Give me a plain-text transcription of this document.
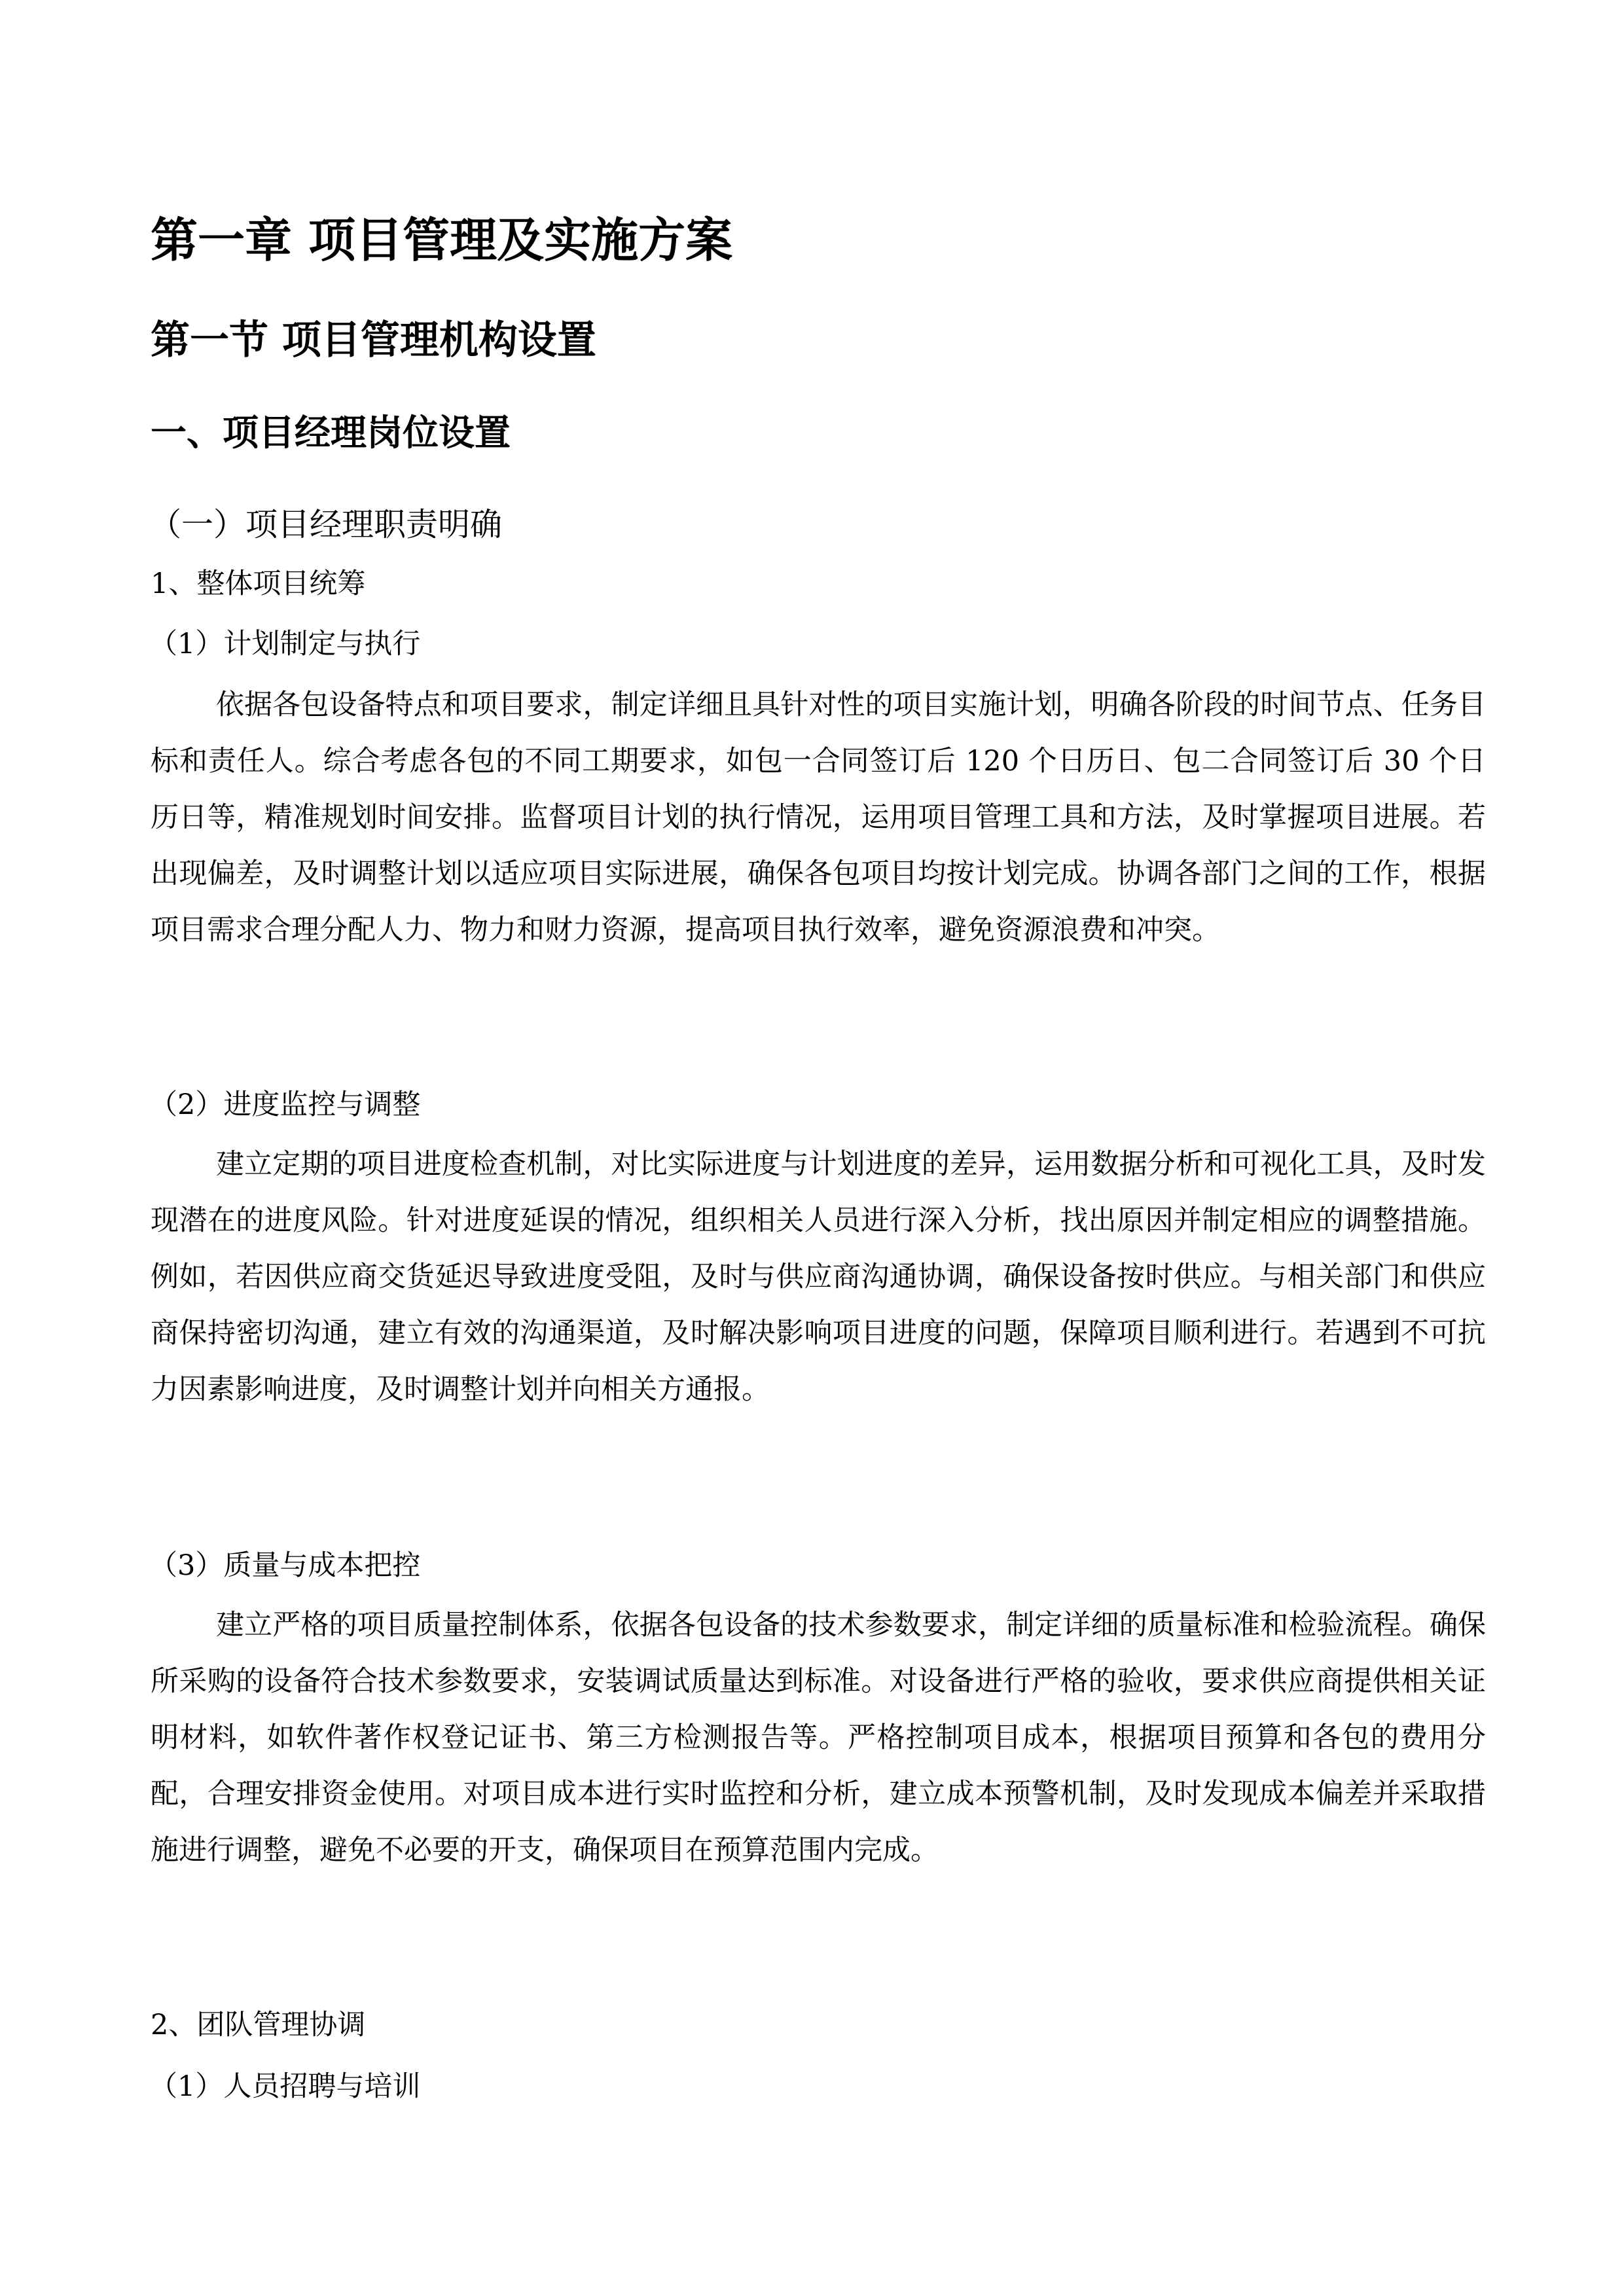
第一章 项目管理及实施方案
第一节 项目管理机构设置
一、项目经理岗位设置
（一）项目经理职责明确
1、整体项目统筹
（1）计划制定与执行

依据各包设备特点和项目要求，制定详细且具针对性的项目实施计划，明确各阶段的时间节点、任务目标和责任人。综合考虑各包的不同工期要求，如包一合同签订后 120 个日历日、包二合同签订后 30 个日历日等，精准规划时间安排。监督项目计划的执行情况，运用项目管理工具和方法，及时掌握项目进展。若出现偏差，及时调整计划以适应项目实际进展，确保各包项目均按计划完成。协调各部门之间的工作，根据项目需求合理分配人力、物力和财力资源，提高项目执行效率，避免资源浪费和冲突。

（2）进度监控与调整

建立定期的项目进度检查机制，对比实际进度与计划进度的差异，运用数据分析和可视化工具，及时发现潜在的进度风险。针对进度延误的情况，组织相关人员进行深入分析，找出原因并制定相应的调整措施。例如，若因供应商交货延迟导致进度受阻，及时与供应商沟通协调，确保设备按时供应。与相关部门和供应商保持密切沟通，建立有效的沟通渠道，及时解决影响项目进度的问题，保障项目顺利进行。若遇到不可抗力因素影响进度，及时调整计划并向相关方通报。

（3）质量与成本把控

建立严格的项目质量控制体系，依据各包设备的技术参数要求，制定详细的质量标准和检验流程。确保所采购的设备符合技术参数要求，安装调试质量达到标准。对设备进行严格的验收，要求供应商提供相关证明材料，如软件著作权登记证书、第三方检测报告等。严格控制项目成本，根据项目预算和各包的费用分配，合理安排资金使用。对项目成本进行实时监控和分析，建立成本预警机制，及时发现成本偏差并采取措施进行调整，避免不必要的开支，确保项目在预算范围内完成。

2、团队管理协调
（1）人员招聘与培训
